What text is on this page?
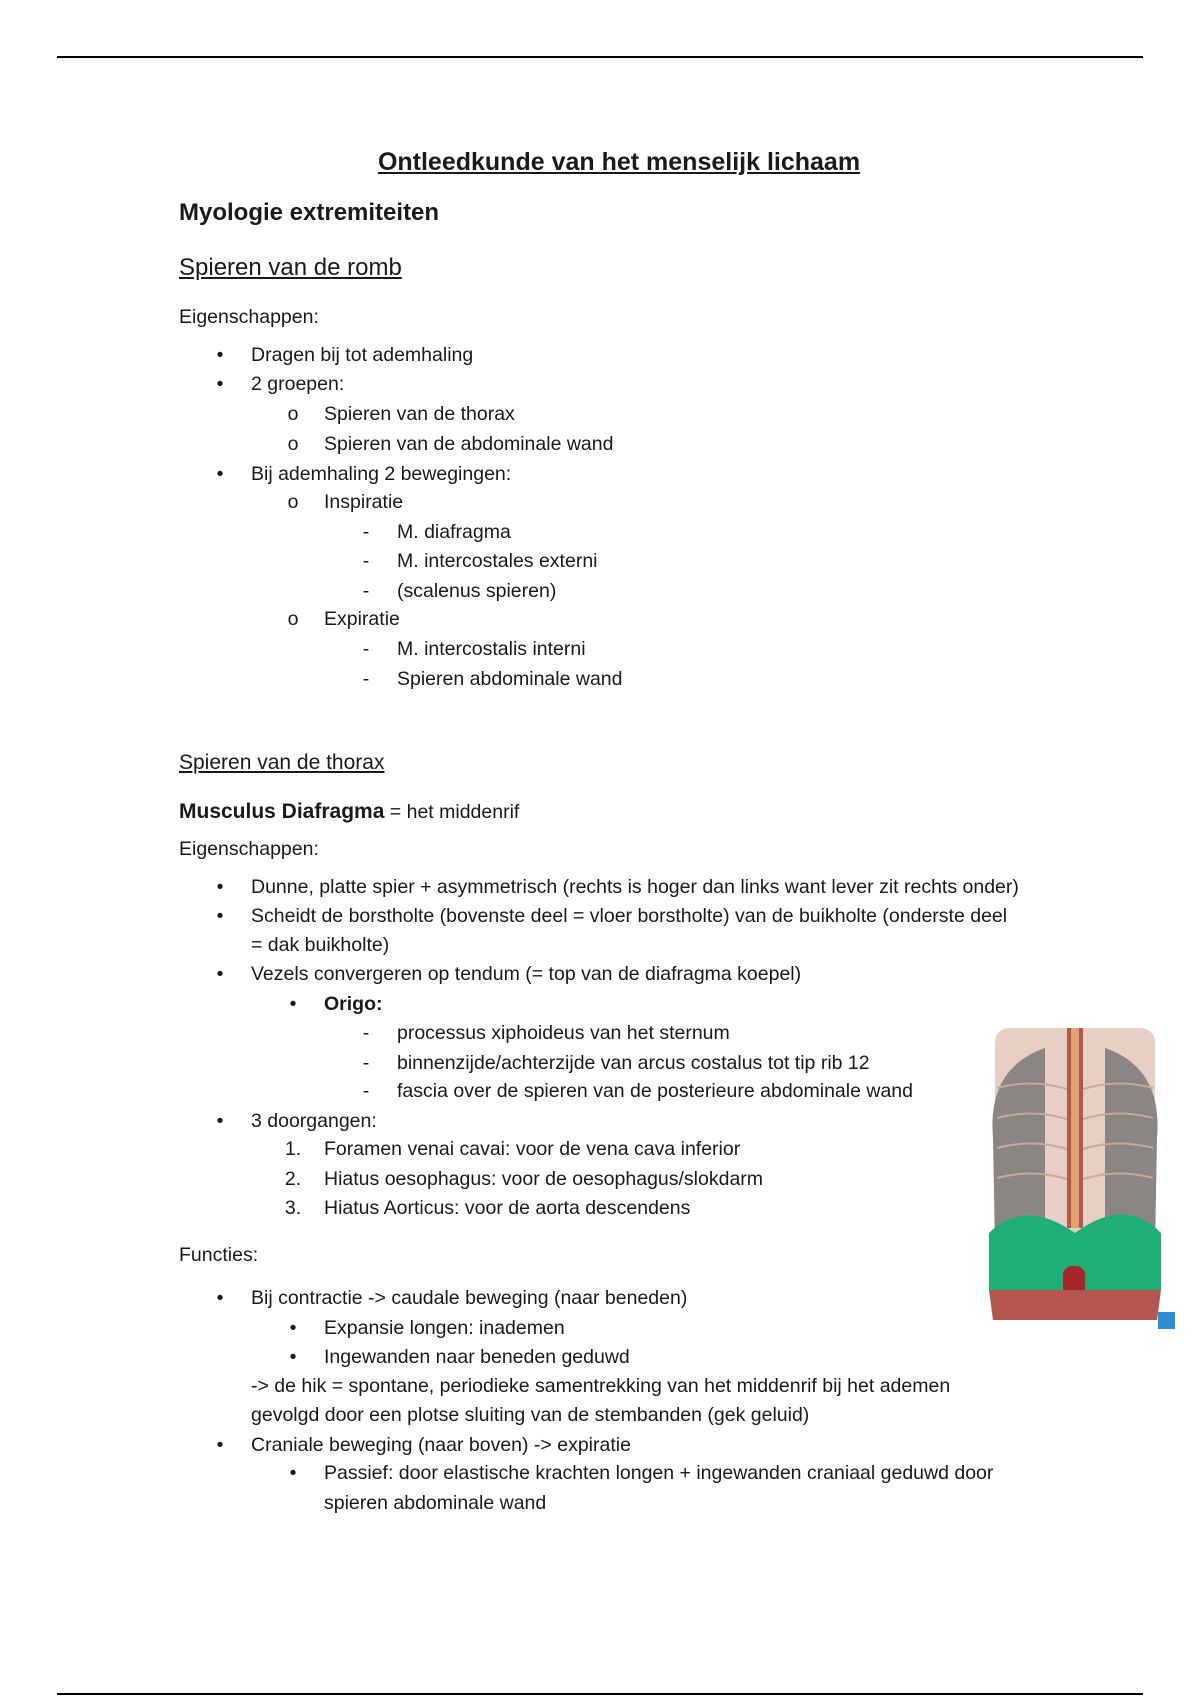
Ontleedkunde van het menselijk lichaam
Myologie extremiteiten
Spieren van de romb
Eigenschappen:
•	Dragen bij tot ademhaling
•	2 groepen:
o Spieren van de thorax
o Spieren van de abdominale wand
•	Bij ademhaling 2 bewegingen:
o Inspiratie
-	M. diafragma
-	M. intercostales externi
-	(scalenus spieren)
o Expiratie
-	M. intercostalis interni
-	Spieren abdominale wand
Spieren van de thorax
Musculus Diafragma = het middenrif
Eigenschappen:
•	Dunne, platte spier + asymmetrisch (rechts is hoger dan links want lever zit rechts onder)
•	Scheidt de borstholte (bovenste deel = vloer borstholte) van de buikholte (onderste deel
= dak buikholte)
•	Vezels convergeren op tendum (= top van de diafragma koepel)
•	Origo:
-	processus xiphoideus van het sternum
-	binnenzijde/achterzijde van arcus costalus tot tip rib 12
-	fascia over de spieren van de posterieure abdominale wand
•	3 doorgangen:
1. Foramen venai cavai: voor de vena cava inferior
2. Hiatus oesophagus: voor de oesophagus/slokdarm
3. Hiatus Aorticus: voor de aorta descendens
Functies:
•	Bij contractie -> caudale beweging (naar beneden)
•	Expansie longen: inademen
•	Ingewanden naar beneden geduwd
-> de hik = spontane, periodieke samentrekking van het middenrif bij het ademen
gevolgd door een plotse sluiting van de stembanden (gek geluid)
•	Craniale beweging (naar boven) -> expiratie
•	Passief: door elastische krachten longen + ingewanden craniaal geduwd door
spieren abdominale wand
